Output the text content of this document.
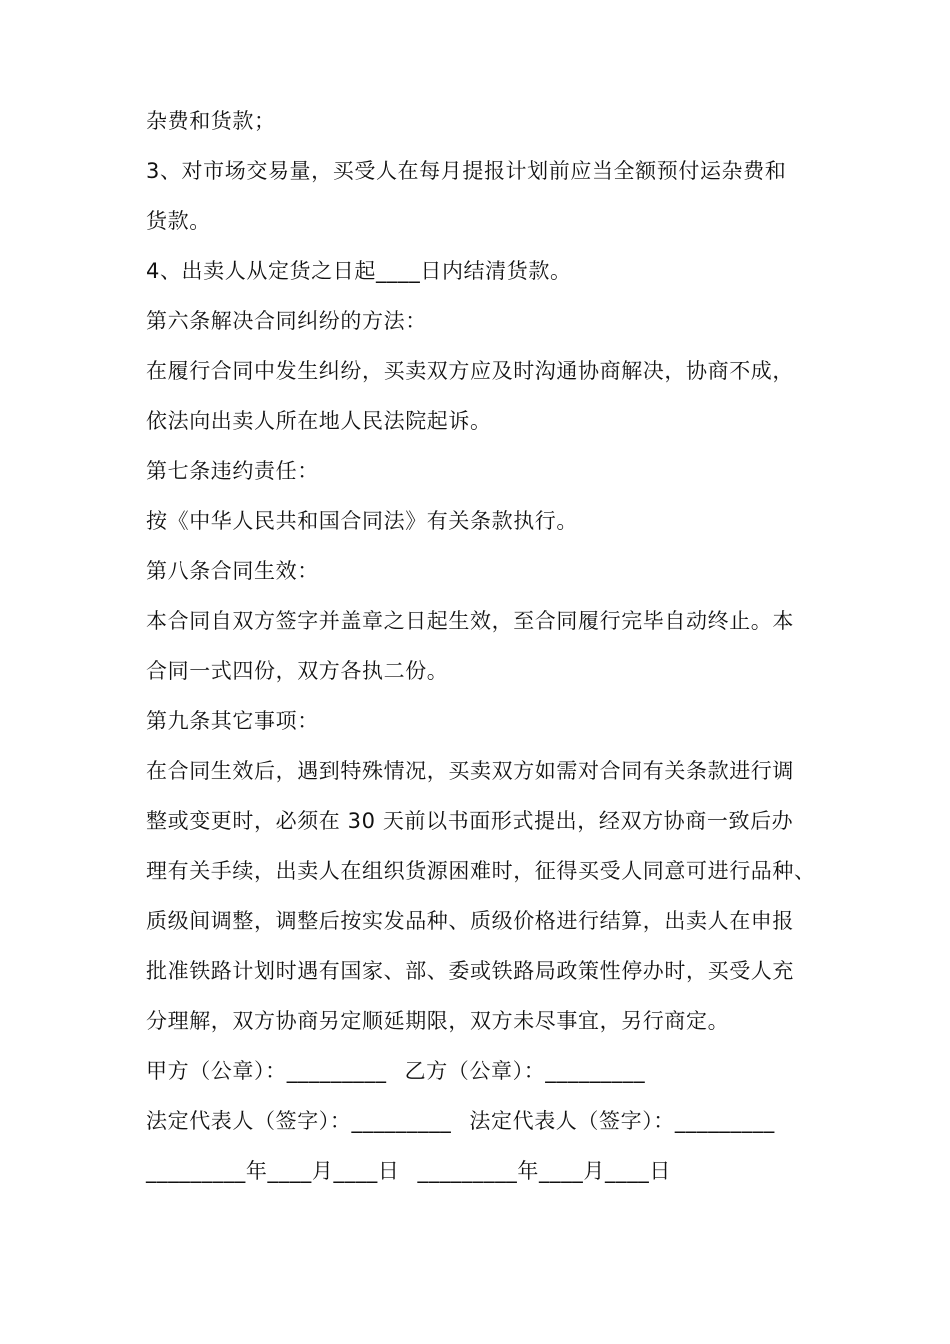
杂费和货款；
3、对市场交易量，买受人在每月提报计划前应当全额预付运杂费和
货款。
4、出卖人从定货之日起____日内结清货款。
第六条解决合同纠纷的方法：
在履行合同中发生纠纷，买卖双方应及时沟通协商解决，协商不成，
依法向出卖人所在地人民法院起诉。
第七条违约责任：
按《中华人民共和国合同法》有关条款执行。
第八条合同生效：
本合同自双方签字并盖章之日起生效，至合同履行完毕自动终止。本
合同一式四份，双方各执二份。
第九条其它事项：
在合同生效后，遇到特殊情况，买卖双方如需对合同有关条款进行调
整或变更时，必须在 30 天前以书面形式提出，经双方协商一致后办
理有关手续，出卖人在组织货源困难时，征得买受人同意可进行品种、
质级间调整，调整后按实发品种、质级价格进行结算，出卖人在申报
批准铁路计划时遇有国家、部、委或铁路局政策性停办时，买受人充
分理解，双方协商另定顺延期限，双方未尽事宜，另行商定。
甲方（公章）：_________ 乙方（公章）：_________
法定代表人（签字）：_________ 法定代表人（签字）：_________
_________年____月____日 _________年____月____日
